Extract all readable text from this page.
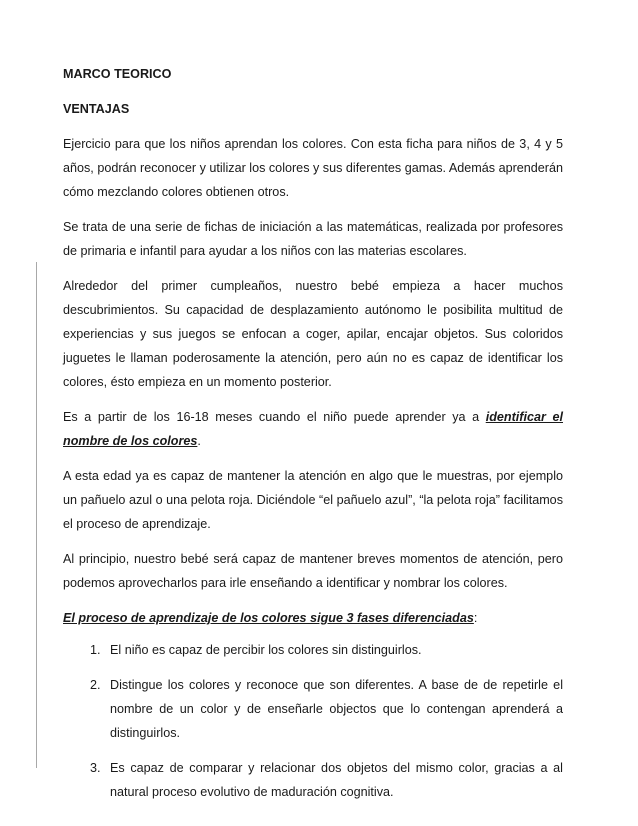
MARCO TEORICO
VENTAJAS

Ejercicio para que los niños aprendan los colores. Con esta ficha para niños de 3, 4 y 5 años, podrán reconocer y utilizar los colores y sus diferentes gamas. Además aprenderán cómo mezclando colores obtienen otros.

Se trata de una serie de fichas de iniciación a las matemáticas, realizada por profesores de primaria e infantil para ayudar a los niños con las materias escolares.

Alrededor del primer cumpleaños, nuestro bebé empieza a hacer muchos descubrimientos. Su capacidad de desplazamiento autónomo le posibilita multitud de experiencias y sus juegos se enfocan a coger, apilar, encajar objetos. Sus coloridos juguetes le llaman poderosamente la atención, pero aún no es capaz de identificar los colores, ésto empieza en un momento posterior.

Es a partir de los 16-18 meses cuando el niño puede aprender ya a identificar el nombre de los colores.

A esta edad ya es capaz de mantener la atención en algo que le muestras, por ejemplo un pañuelo azul o una pelota roja. Diciéndole “el pañuelo azul”, “la pelota roja” facilitamos el proceso de aprendizaje.

Al principio, nuestro bebé será capaz de mantener breves momentos de atención, pero podemos aprovecharlos para irle enseñando a identificar y nombrar los colores.

El proceso de aprendizaje de los colores sigue 3 fases diferenciadas:

1. El niño es capaz de percibir los colores sin distinguirlos.
2. Distingue los colores y reconoce que son diferentes. A base de de repetirle el nombre de un color y de enseñarle objectos que lo contengan aprenderá a distinguirlos.
3. Es capaz de comparar y relacionar dos objetos del mismo color, gracias a al natural proceso evolutivo de maduración cognitiva.
